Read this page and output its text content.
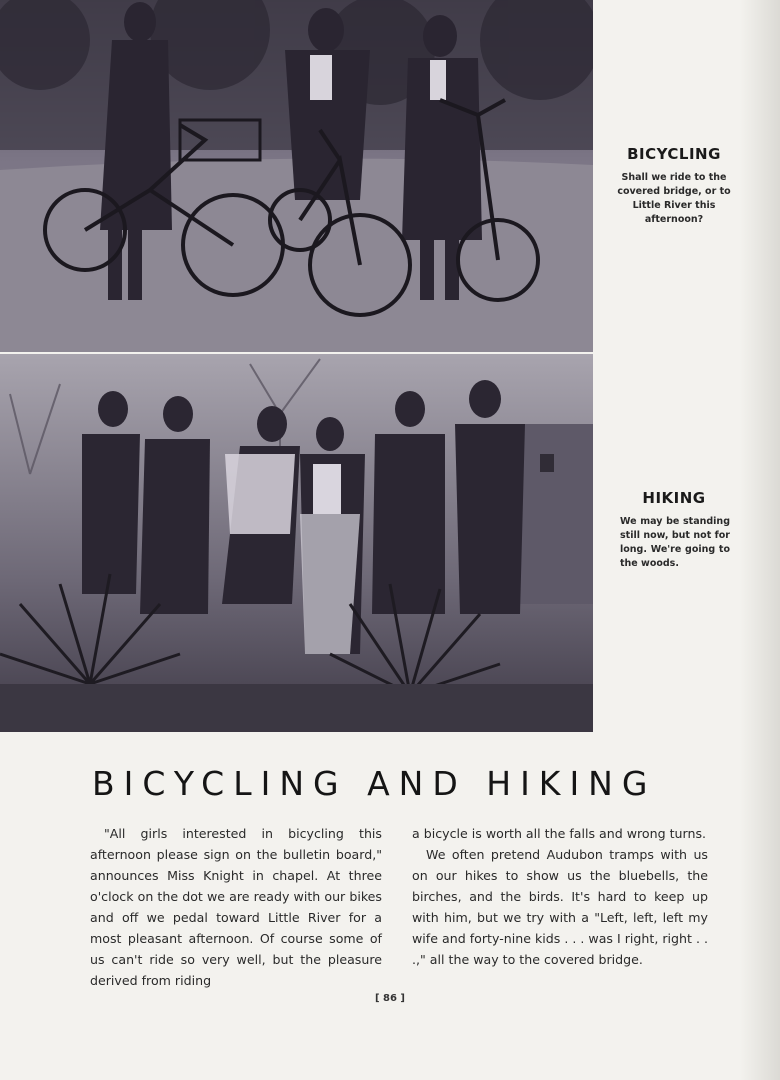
BICYCLING

Shall we ride to the covered bridge, or to Little River this afternoon?

HIKING

We may be standing still now, but not for long. We're going to the woods.

BICYCLING AND HIKING

"All girls interested in bicycling this afternoon please sign on the bulletin board," announces Miss Knight in chapel. At three o'clock on the dot we are ready with our bikes and off we pedal toward Little River for a most pleasant afternoon. Of course some of us can't ride so very well, but the pleasure derived from riding

a bicycle is worth all the falls and wrong turns.

We often pretend Audubon tramps with us on our hikes to show us the bluebells, the birches, and the birds. It's hard to keep up with him, but we try with a "Left, left, left my wife and forty-nine kids . . . was I right, right . . .," all the way to the covered bridge.

[ 86 ]
